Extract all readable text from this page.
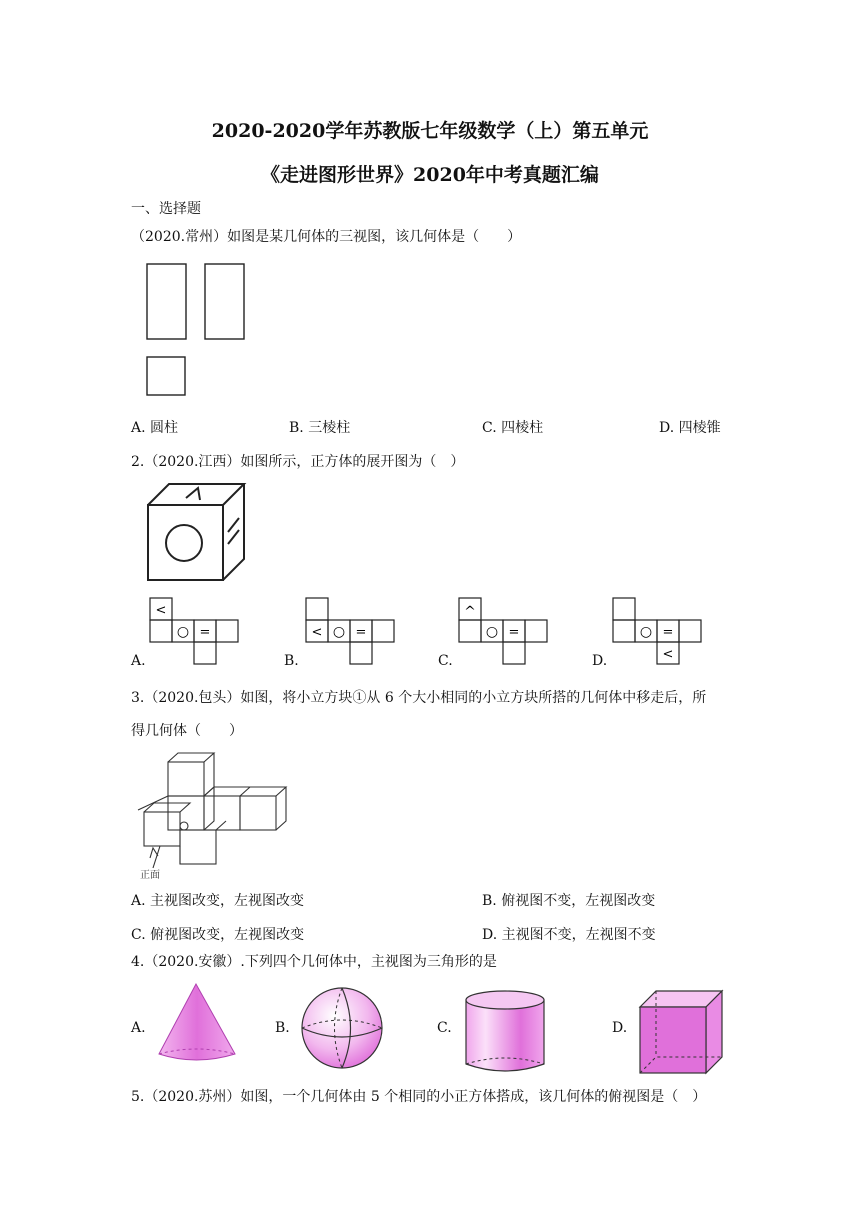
2020-2020学年苏教版七年级数学（上）第五单元
《走进图形世界》2020年中考真题汇编
一、选择题
（2020.常州）如图是某几何体的三视图，该几何体是（　　）
A. 圆柱	B. 三棱柱	C. 四棱柱	D. 四棱锥
2.（2020.江西）如图所示，正方体的展开图为（　）
<
○ =	< ○ =
^
○ =	○ =
<
A.	B.	C.	D.
3.（2020.包头）如图，将小立方块①从 6 个大小相同的小立方块所搭的几何体中移走后，所
得几何体（　　）
正面
A. 主视图改变，左视图改变	B. 俯视图不变，左视图改变
C. 俯视图改变，左视图改变	D. 主视图不变，左视图不变
4.（2020.安徽）.下列四个几何体中，主视图为三角形的是
A.	B.	C.	D.
5.（2020.苏州）如图，一个几何体由 5 个相同的小正方体搭成，该几何体的俯视图是（　）
